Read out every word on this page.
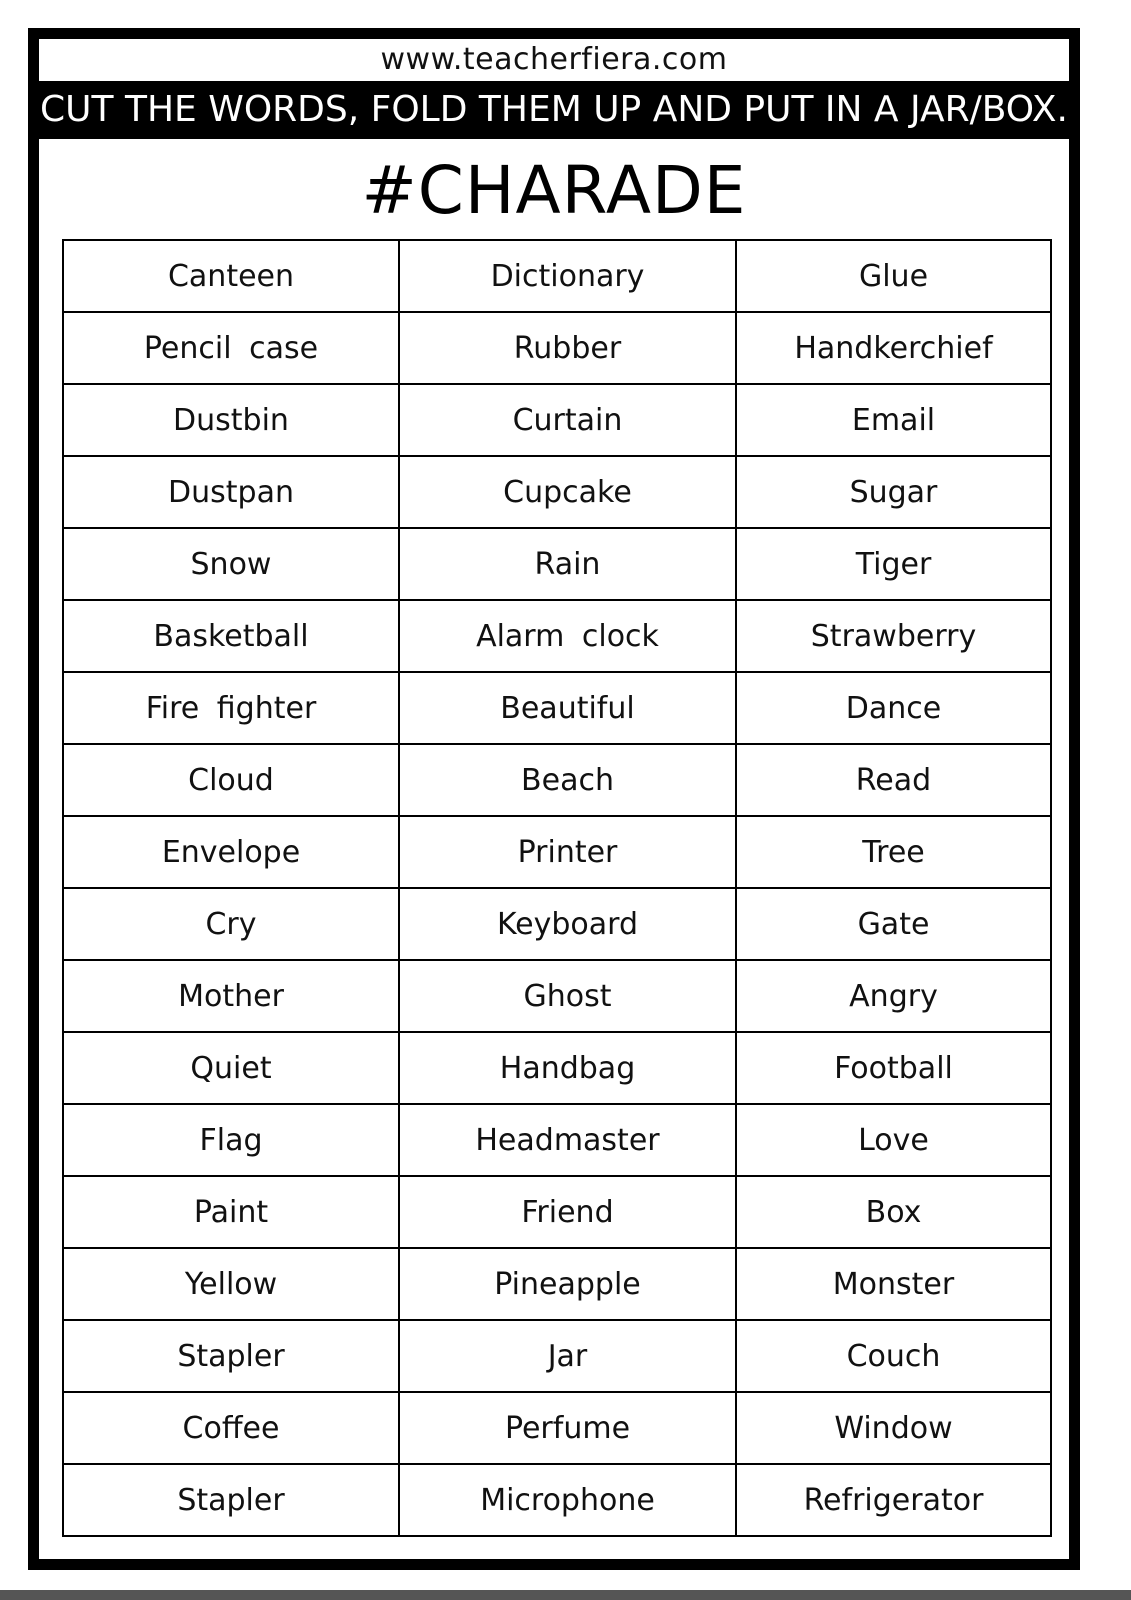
www.teacherfiera.com
CUT THE WORDS, FOLD THEM UP AND PUT IN A JAR/BOX.
#CHARADE
Canteen	Dictionary	Glue
Pencil case	Rubber	Handkerchief
Dustbin	Curtain	Email
Dustpan	Cupcake	Sugar
Snow	Rain	Tiger
Basketball	Alarm clock	Strawberry
Fire fighter	Beautiful	Dance
Cloud	Beach	Read
Envelope	Printer	Tree
Cry	Keyboard	Gate
Mother	Ghost	Angry
Quiet	Handbag	Football
Flag	Headmaster	Love
Paint	Friend	Box
Yellow	Pineapple	Monster
Stapler	Jar	Couch
Coffee	Perfume	Window
Stapler	Microphone	Refrigerator
